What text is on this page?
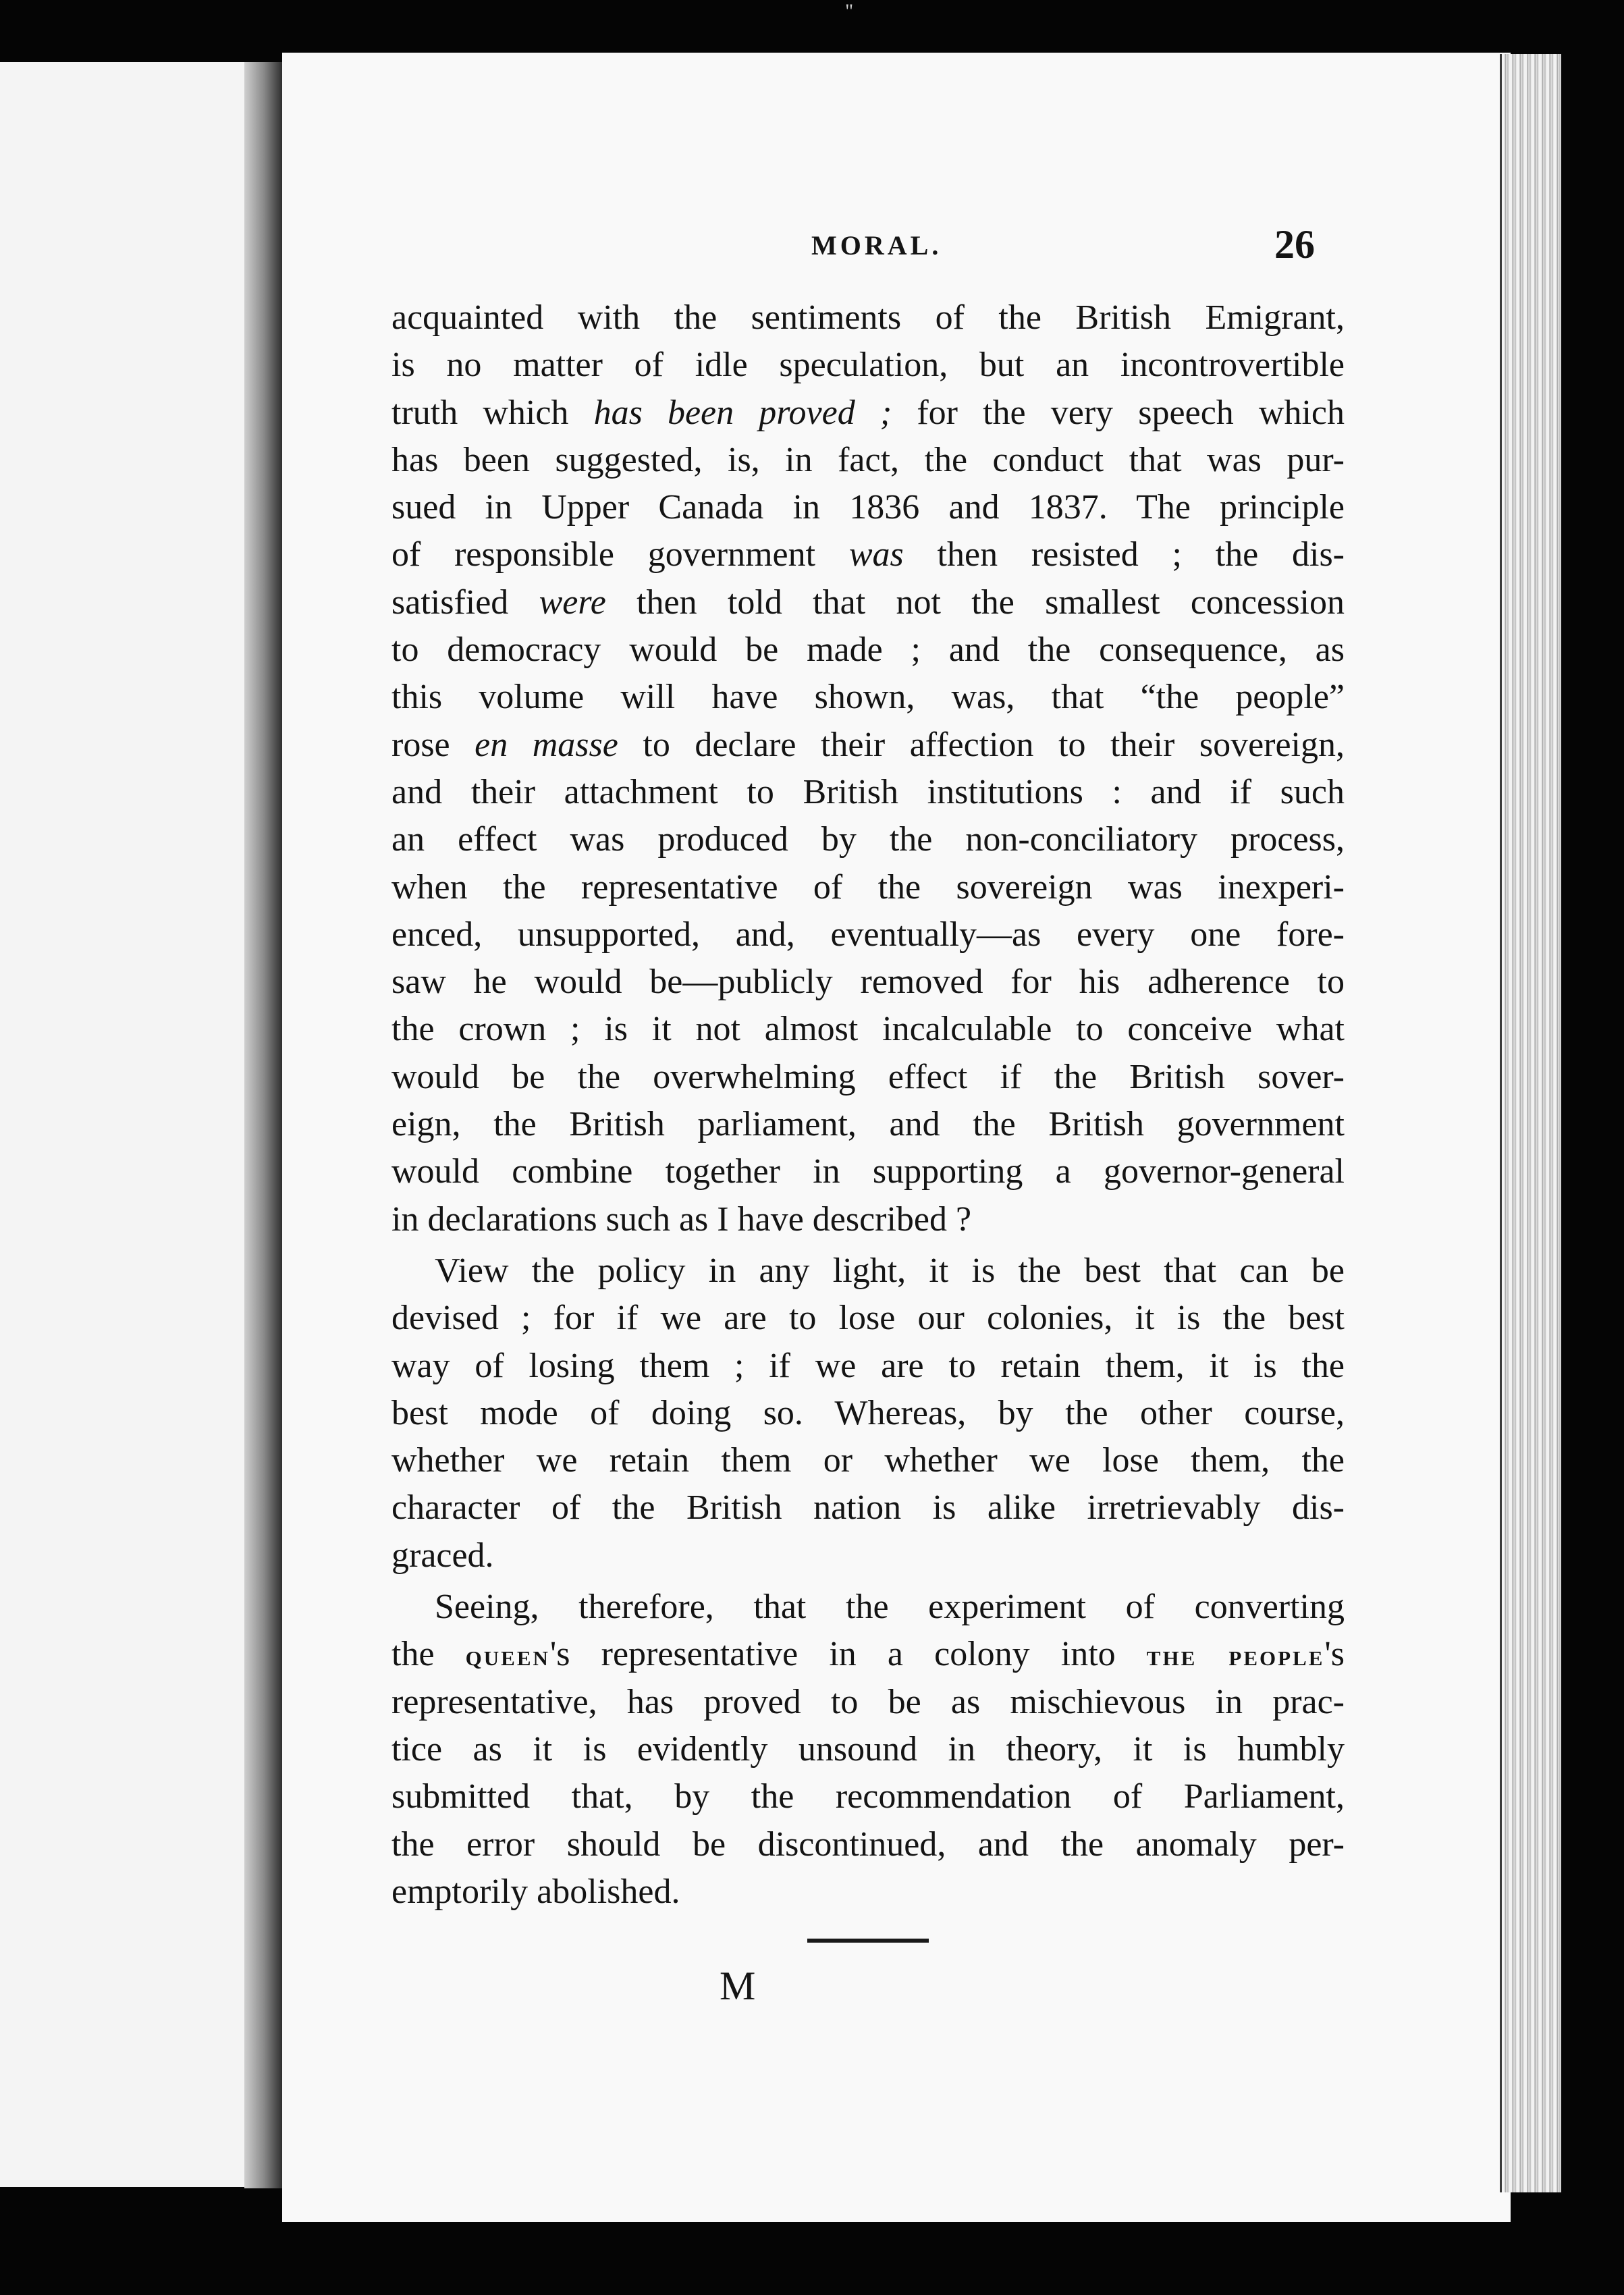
"
MORAL.	26
acquainted with the sentiments of the British Emigrant,
is no matter of idle speculation, but an incontrovertible
truth which has been proved ; for the very speech which
has been suggested, is, in fact, the conduct that was pur-
sued in Upper Canada in 1836 and 1837. The principle
of responsible government was then resisted ; the dis-
satisfied were then told that not the smallest concession
to democracy would be made ; and the consequence, as
this volume will have shown, was, that “the people”
rose en masse to declare their affection to their sovereign,
and their attachment to British institutions : and if such
an effect was produced by the non-conciliatory process,
when the representative of the sovereign was inexperi-
enced, unsupported, and, eventually—as every one fore-
saw he would be—publicly removed for his adherence to
the crown ; is it not almost incalculable to conceive what
would be the overwhelming effect if the British sover-
eign, the British parliament, and the British government
would combine together in supporting a governor-general
in declarations such as I have described ?
View the policy in any light, it is the best that can be
devised ; for if we are to lose our colonies, it is the best
way of losing them ; if we are to retain them, it is the
best mode of doing so. Whereas, by the other course,
whether we retain them or whether we lose them, the
character of the British nation is alike irretrievably dis-
graced.
Seeing, therefore, that the experiment of converting
the queen's representative in a colony into the people's
representative, has proved to be as mischievous in prac-
tice as it is evidently unsound in theory, it is humbly
submitted that, by the recommendation of Parliament,
the error should be discontinued, and the anomaly per-
emptorily abolished.
M
